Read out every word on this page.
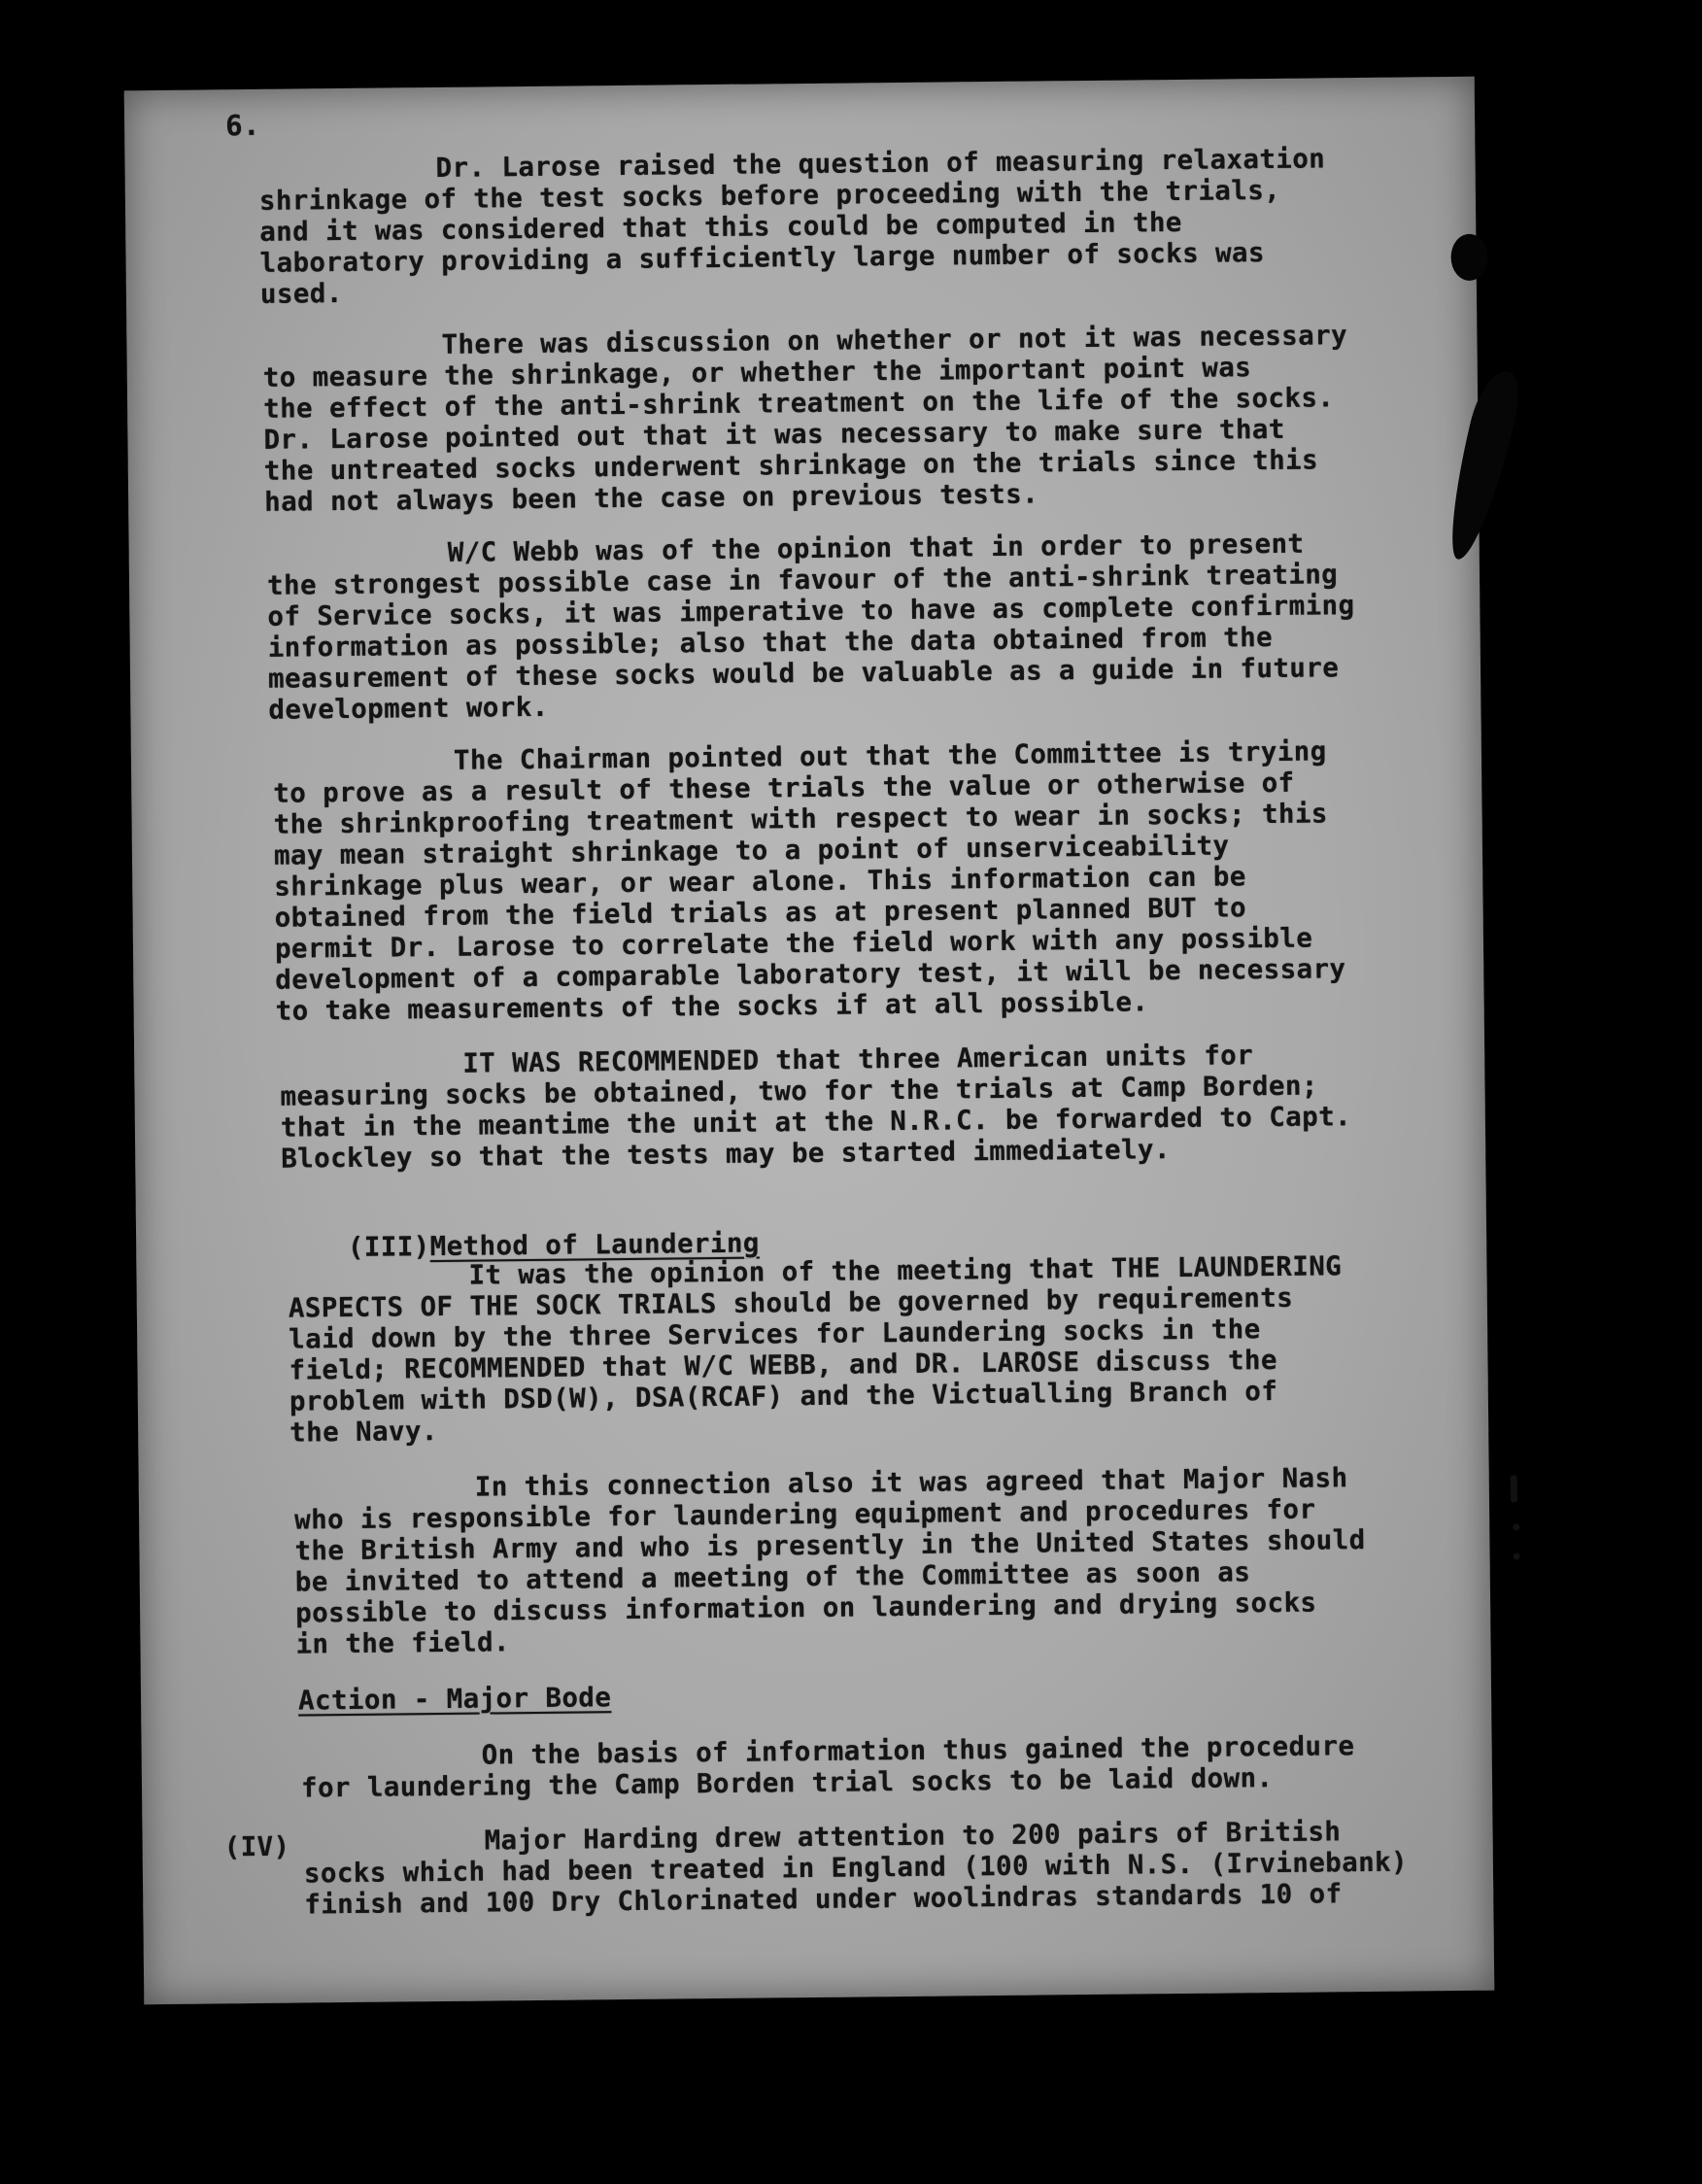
6.
Dr. Larose raised the question of measuring relaxation
shrinkage of the test socks before proceeding with the trials,
and it was considered that this could be computed in the
laboratory providing a sufficiently large number of socks was
used.
There was discussion on whether or not it was necessary
to measure the shrinkage, or whether the important point was
the effect of the anti-shrink treatment on the life of the socks.
Dr. Larose pointed out that it was necessary to make sure that
the untreated socks underwent shrinkage on the trials since this
had not always been the case on previous tests.
W/C Webb was of the opinion that in order to present
the strongest possible case in favour of the anti-shrink treating
of Service socks, it was imperative to have as complete confirming
information as possible; also that the data obtained from the
measurement of these socks would be valuable as a guide in future
development work.
The Chairman pointed out that the Committee is trying
to prove as a result of these trials the value or otherwise of
the shrinkproofing treatment with respect to wear in socks; this
may mean straight shrinkage to a point of unserviceability
shrinkage plus wear, or wear alone. This information can be
obtained from the field trials as at present planned BUT to
permit Dr. Larose to correlate the field work with any possible
development of a comparable laboratory test, it will be necessary
to take measurements of the socks if at all possible.
IT WAS RECOMMENDED that three American units for
measuring socks be obtained, two for the trials at Camp Borden;
that in the meantime the unit at the N.R.C. be forwarded to Capt.
Blockley so that the tests may be started immediately.

(III)Method of Laundering

It was the opinion of the meeting that THE LAUNDERING
ASPECTS OF THE SOCK TRIALS should be governed by requirements
laid down by the three Services for Laundering socks in the
field; RECOMMENDED that W/C WEBB, and DR. LAROSE discuss the
problem with DSD(W), DSA(RCAF) and the Victualling Branch of
the Navy.
In this connection also it was agreed that Major Nash
who is responsible for laundering equipment and procedures for
the British Army and who is presently in the United States should
be invited to attend a meeting of the Committee as soon as
possible to discuss information on laundering and drying socks
in the field.
Action - Major Bode
On the basis of information thus gained the procedure
for laundering the Camp Borden trial socks to be laid down.
(IV)	Major Harding drew attention to 200 pairs of British
socks which had been treated in England (100 with N.S. (Irvinebank)
finish and 100 Dry Chlorinated under woolindras standards 10 of
